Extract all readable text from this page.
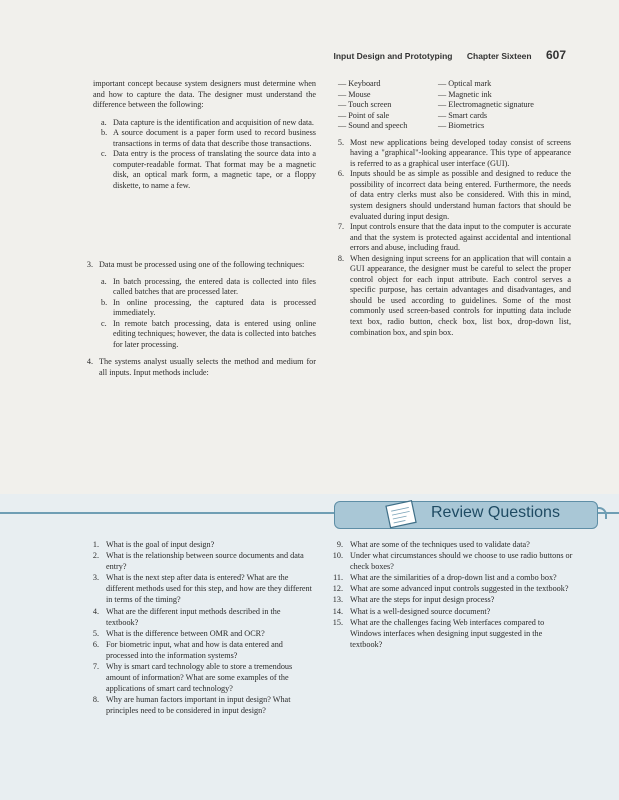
Input Design and Prototyping Chapter Sixteen 607

important concept because system designers must determine when and how to capture the data. The designer must understand the difference between the following:

a. Data capture is the identification and acquisition of new data.
b. A source document is a paper form used to record business transactions in terms of data that describe those transactions.
c. Data entry is the process of translating the source data into a computer-readable format. That format may be a magnetic disk, an optical mark form, a magnetic tape, or a floppy diskette, to name a few.
3. Data must be processed using one of the following techniques:
a. In batch processing, the entered data is collected into files called batches that are processed later.
b. In online processing, the captured data is processed immediately.
c. In remote batch processing, data is entered using online editing techniques; however, the data is collected into batches for later processing.
4. The systems analyst usually selects the method and medium for all inputs. Input methods include:
— Keyboard	— Optical mark
— Mouse	— Magnetic ink
— Touch screen	— Electromagnetic signature
— Point of sale	— Smart cards
— Sound and speech	— Biometrics
5. Most new applications being developed today consist of screens having a "graphical"-looking appearance. This type of appearance is referred to as a graphical user interface (GUI).
6. Inputs should be as simple as possible and designed to reduce the possibility of incorrect data being entered. Furthermore, the needs of data entry clerks must also be considered. With this in mind, system designers should understand human factors that should be evaluated during input design.
7. Input controls ensure that the data input to the computer is accurate and that the system is protected against accidental and intentional errors and abuse, including fraud.
8. When designing input screens for an application that will contain a GUI appearance, the designer must be careful to select the proper control object for each input attribute. Each control serves a specific purpose, has certain advantages and disadvantages, and should be used according to guidelines. Some of the most commonly used screen-based controls for inputting data include text box, radio button, check box, list box, drop-down list, combination box, and spin box.
Review Questions
1. What is the goal of input design?
2. What is the relationship between source documents and data entry?
3. What is the next step after data is entered? What are the different methods used for this step, and how are they different in terms of the timing?
4. What are the different input methods described in the textbook?
5. What is the difference between OMR and OCR?
6. For biometric input, what and how is data entered and processed into the information systems?
7. Why is smart card technology able to store a tremendous amount of information? What are some examples of the applications of smart card technology?
8. Why are human factors important in input design? What principles need to be considered in input design?
9. What are some of the techniques used to validate data?
10. Under what circumstances should we choose to use radio buttons or check boxes?
11. What are the similarities of a drop-down list and a combo box?
12. What are some advanced input controls suggested in the textbook?
13. What are the steps for input design process?
14. What is a well-designed source document?
15. What are the challenges facing Web interfaces compared to Windows interfaces when designing input suggested in the textbook?
